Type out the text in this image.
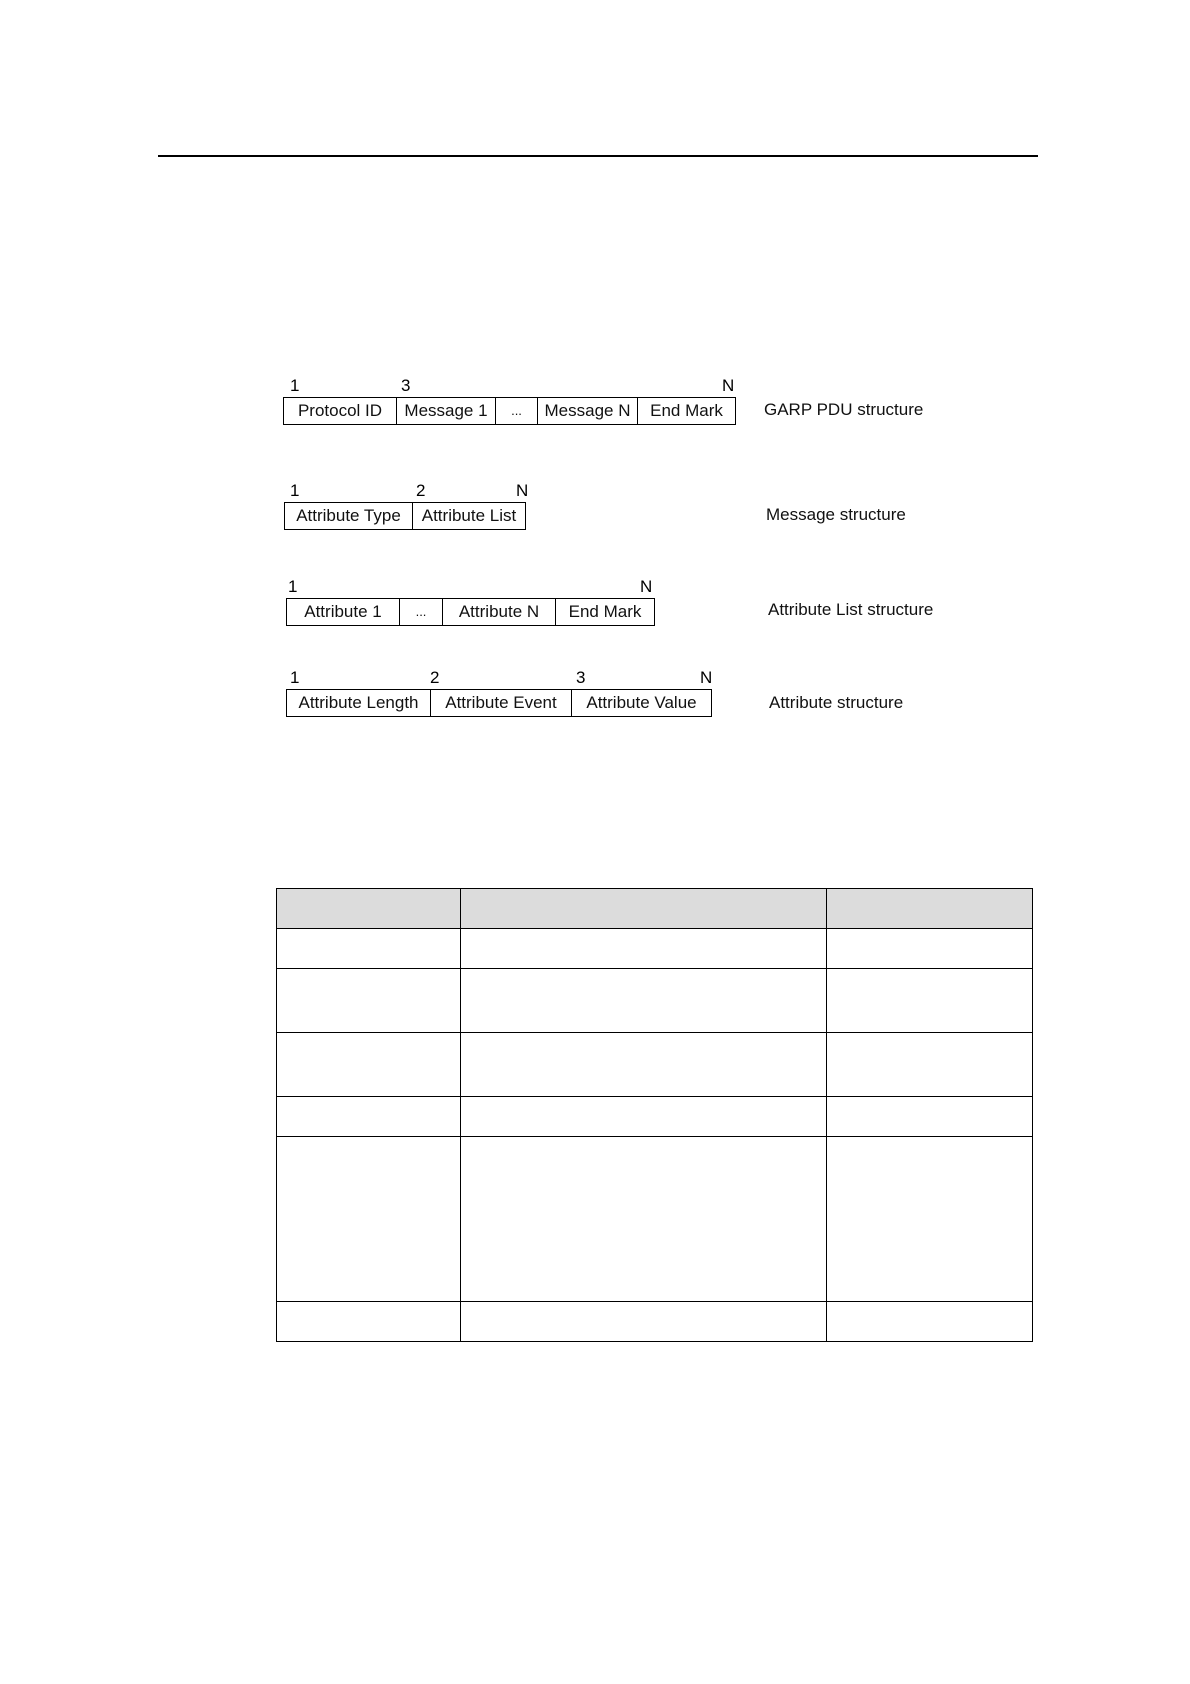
1	3	N
Protocol ID	Message 1	...	Message N	End Mark	GARP PDU structure
1	2	N
Attribute Type	Attribute List	Message structure
1	N
Attribute 1	...	Attribute N	End Mark	Attribute List structure
1	2	3	N
Attribute Length	Attribute Event	Attribute Value	Attribute structure
